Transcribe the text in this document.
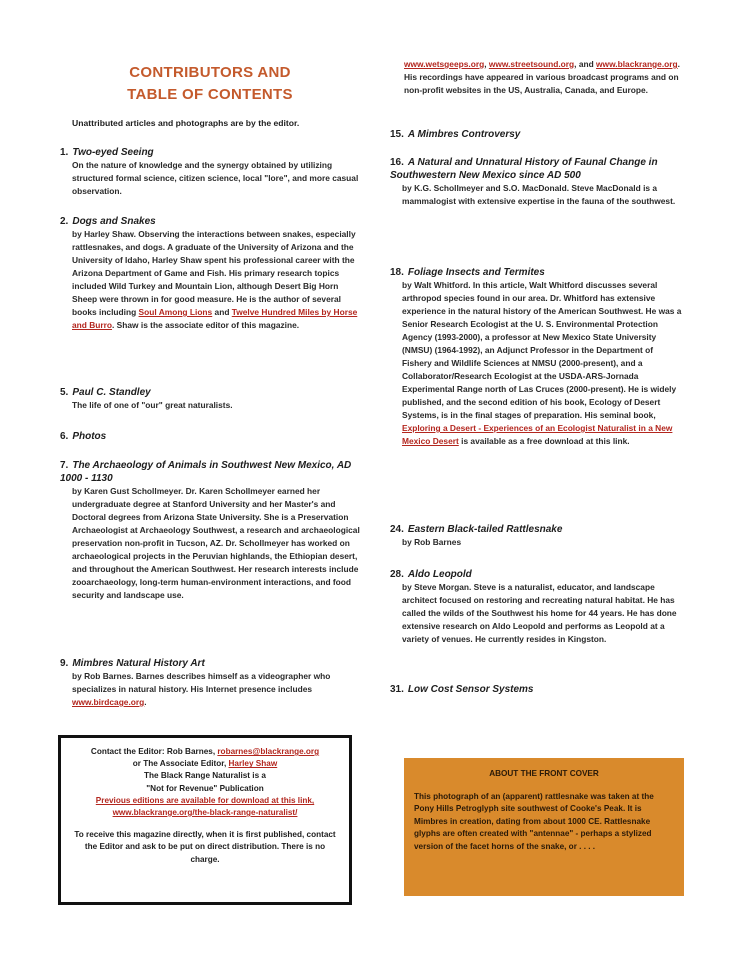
CONTRIBUTORS AND
TABLE OF CONTENTS
Unattributed articles and photographs are by the editor.
1. Two-eyed Seeing
On the nature of knowledge and the synergy obtained by utilizing structured formal science, citizen science, local "lore", and more casual observation.
2. Dogs and Snakes
by Harley Shaw. Observing the interactions between snakes, especially rattlesnakes, and dogs. A graduate of the University of Arizona and the University of Idaho, Harley Shaw spent his professional career with the Arizona Department of Game and Fish. His primary research topics included Wild Turkey and Mountain Lion, although Desert Big Horn Sheep were thrown in for good measure. He is the author of several books including Soul Among Lions and Twelve Hundred Miles by Horse and Burro. Shaw is the associate editor of this magazine.
5. Paul C. Standley
The life of one of "our" great naturalists.
6. Photos
7. The Archaeology of Animals in Southwest New Mexico, AD 1000 - 1130
by Karen Gust Schollmeyer. Dr. Karen Schollmeyer earned her undergraduate degree at Stanford University and her Master's and Doctoral degrees from Arizona State University. She is a Preservation Archaeologist at Archaeology Southwest, a research and archaeological preservation non-profit in Tucson, AZ. Dr. Schollmeyer has worked on archaeological projects in the Peruvian highlands, the Ethiopian desert, and throughout the American Southwest. Her research interests include zooarchaeology, long-term human-environment interactions, and food security and landscape use.
9. Mimbres Natural History Art
by Rob Barnes. Barnes describes himself as a videographer who specializes in natural history. His Internet presence includes www.birdcage.org.
www.wetsgeeps.org, www.streetsound.org, and www.blackrange.org. His recordings have appeared in various broadcast programs and on non-profit websites in the US, Australia, Canada, and Europe.
15. A Mimbres Controversy
16. A Natural and Unnatural History of Faunal Change in Southwestern New Mexico since AD 500
by K.G. Schollmeyer and S.O. MacDonald. Steve MacDonald is a mammalogist with extensive expertise in the fauna of the southwest.
18. Foliage Insects and Termites
by Walt Whitford. In this article, Walt Whitford discusses several arthropod species found in our area. Dr. Whitford has extensive experience in the natural history of the American Southwest. He was a Senior Research Ecologist at the U. S. Environmental Protection Agency (1993-2000), a professor at New Mexico State University (NMSU) (1964-1992), an Adjunct Professor in the Department of Fishery and Wildlife Sciences at NMSU (2000-present), and a Collaborator/Research Ecologist at the USDA-ARS-Jornada Experimental Range north of Las Cruces (2000-present). He is widely published, and the second edition of his book, Ecology of Desert Systems, is in the final stages of preparation. His seminal book, Exploring a Desert - Experiences of an Ecologist Naturalist in a New Mexico Desert is available as a free download at this link.
24. Eastern Black-tailed Rattlesnake
by Rob Barnes
28. Aldo Leopold
by Steve Morgan. Steve is a naturalist, educator, and landscape architect focused on restoring and recreating natural habitat. He has called the wilds of the Southwest his home for 44 years. He has done extensive research on Aldo Leopold and performs as Leopold at a variety of venues. He currently resides in Kingston.
31. Low Cost Sensor Systems

Contact the Editor: Rob Barnes, robarnes@blackrange.org

or The Associate Editor, Harley Shaw

The Black Range Naturalist is a

"Not for Revenue" Publication

Previous editions are available for download at this link,

www.blackrange.org/the-black-range-naturalist/

To receive this magazine directly, when it is first published, contact the Editor and ask to be put on direct distribution. There is no charge.

ABOUT THE FRONT COVER
This photograph of an (apparent) rattlesnake was taken at the Pony Hills Petroglyph site southwest of Cooke's Peak. It is Mimbres in creation, dating from about 1000 CE. Rattlesnake glyphs are often created with "antennae" - perhaps a stylized version of the facet horns of the snake, or . . . .
